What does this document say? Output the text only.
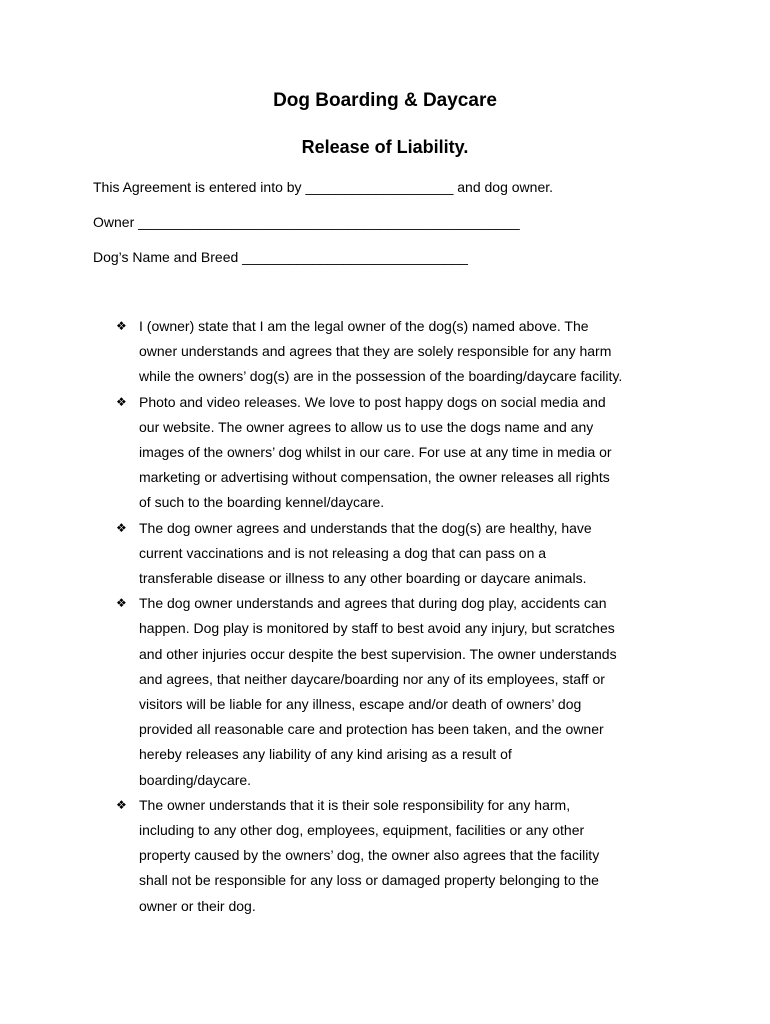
Dog Boarding & Daycare
Release of Liability.

This Agreement is entered into by ___________________ and dog owner.

Owner _________________________________________________

Dog’s Name and Breed _____________________________

❖ I (owner) state that I am the legal owner of the dog(s) named above. The
owner understands and agrees that they are solely responsible for any harm
while the owners’ dog(s) are in the possession of the boarding/daycare facility.
❖ Photo and video releases. We love to post happy dogs on social media and
our website. The owner agrees to allow us to use the dogs name and any
images of the owners’ dog whilst in our care. For use at any time in media or
marketing or advertising without compensation, the owner releases all rights
of such to the boarding kennel/daycare.
❖ The dog owner agrees and understands that the dog(s) are healthy, have
current vaccinations and is not releasing a dog that can pass on a
transferable disease or illness to any other boarding or daycare animals.
❖ The dog owner understands and agrees that during dog play, accidents can
happen. Dog play is monitored by staff to best avoid any injury, but scratches
and other injuries occur despite the best supervision. The owner understands
and agrees, that neither daycare/boarding nor any of its employees, staff or
visitors will be liable for any illness, escape and/or death of owners’ dog
provided all reasonable care and protection has been taken, and the owner
hereby releases any liability of any kind arising as a result of
boarding/daycare.
❖ The owner understands that it is their sole responsibility for any harm,
including to any other dog, employees, equipment, facilities or any other
property caused by the owners’ dog, the owner also agrees that the facility
shall not be responsible for any loss or damaged property belonging to the
owner or their dog.
